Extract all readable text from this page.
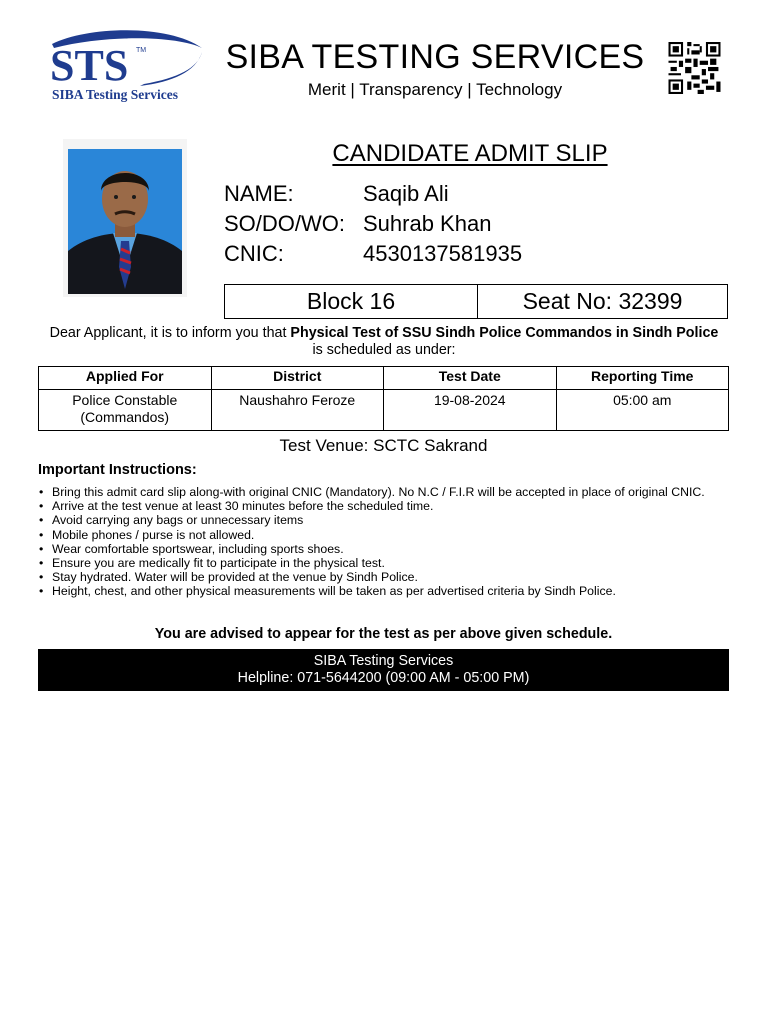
STS TM
SIBA Testing Services
SIBA TESTING SERVICES
Merit | Transparency | Technology
CANDIDATE ADMIT SLIP
NAME:	Saqib Ali
SO/DO/WO: Suhrab Khan
CNIC:	4530137581935
Block 16	Seat No: 32399
Dear Applicant, it is to inform you that Physical Test of SSU Sindh Police Commandos in Sindh Police is scheduled as under:
Applied For	District	Test Date	Reporting Time
Police Constable (Commandos)	Naushahro Feroze	19-08-2024	05:00 am
Test Venue: SCTC Sakrand
Important Instructions:
• Bring this admit card slip along-with original CNIC (Mandatory). No N.C / F.I.R will be accepted in place of original CNIC.
• Arrive at the test venue at least 30 minutes before the scheduled time.
• Avoid carrying any bags or unnecessary items
• Mobile phones / purse is not allowed.
• Wear comfortable sportswear, including sports shoes.
• Ensure you are medically fit to participate in the physical test.
• Stay hydrated. Water will be provided at the venue by Sindh Police.
• Height, chest, and other physical measurements will be taken as per advertised criteria by Sindh Police.
You are advised to appear for the test as per above given schedule.
SIBA Testing Services
Helpline: 071-5644200 (09:00 AM - 05:00 PM)
